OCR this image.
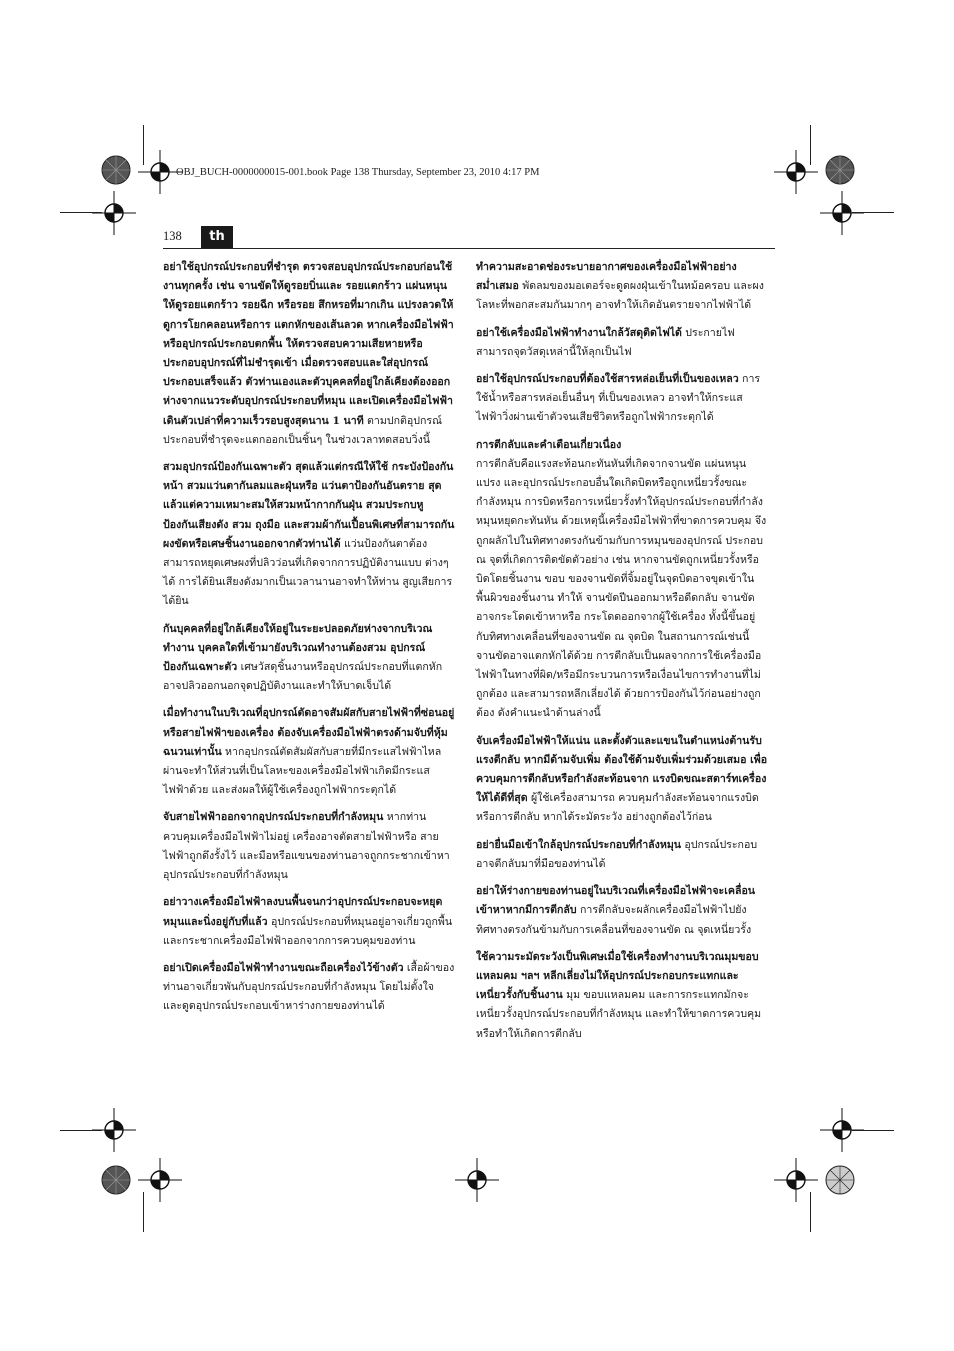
OBJ_BUCH-0000000015-001.book Page 138 Thursday, September 23, 2010 4:17 PM
138	th

อย่าใช้อุปกรณ์ประกอบที่ชำรุด ตรวจสอบอุปกรณ์ประกอบก่อนใช้งานทุกครั้ง เช่น จานขัดให้ดูรอยบิ่นและ รอยแตกร้าว แผ่นหนุนให้ดูรอยแตกร้าว รอยฉีก หรือรอย สึกหรอที่มากเกิน แปรงลวดให้ดูการโยกคลอนหรือการ แตกหักของเส้นลวด หากเครื่องมือไฟฟ้าหรืออุปกรณ์ประกอบตกพื้น ให้ตรวจสอบความเสียหายหรือประกอบอุปกรณ์ที่ไม่ชำรุดเข้า เมื่อตรวจสอบและใส่อุปกรณ์ประกอบเสร็จแล้ว ตัวท่านเองและตัวบุคคลที่อยู่ใกล้เคียงต้องออกห่างจากแนวระดับอุปกรณ์ประกอบที่หมุน และเปิดเครื่องมือไฟฟ้าเดินตัวเปล่าที่ความเร็วรอบสูงสุดนาน 1 นาที ตามปกติอุปกรณ์ประกอบที่ชำรุดจะแตกออกเป็นชิ้นๆ ในช่วงเวลาทดสอบวิ่งนี้

สวมอุปกรณ์ป้องกันเฉพาะตัว สุดแล้วแต่กรณีให้ใช้ กระบังป้องกันหน้า สวมแว่นตากันลมและฝุ่นหรือ แว่นตาป้องกันอันตราย สุดแล้วแต่ความเหมาะสมให้สวมหน้ากากกันฝุ่น สวมประกบหูป้องกันเสียงดัง สวม ถุงมือ และสวมผ้ากันเปื้อนพิเศษที่สามารถกันผงขัดหรือเศษชิ้นงานออกจากตัวท่านได้ แว่นป้องกันตาต้อง สามารถหยุดเศษผงที่ปลิวว่อนที่เกิดจากการปฏิบัติงานแบบ ต่างๆ ได้ การได้ยินเสียงดังมากเป็นเวลานานอาจทำให้ท่าน สูญเสียการได้ยิน

กันบุคคลที่อยู่ใกล้เคียงให้อยู่ในระยะปลอดภัยห่างจากบริเวณทำงาน บุคคลใดที่เข้ามายังบริเวณทำงานต้องสวม อุปกรณ์ป้องกันเฉพาะตัว เศษวัสดุชิ้นงานหรืออุปกรณ์ประกอบที่แตกหักอาจปลิวออกนอกจุดปฏิบัติงานและทำให้บาดเจ็บได้

เมื่อทำงานในบริเวณที่อุปกรณ์ตัดอาจสัมผัสกับสายไฟฟ้าที่ซ่อนอยู่หรือสายไฟฟ้าของเครื่อง ต้องจับเครื่องมือไฟฟ้าตรงด้ามจับที่หุ้มฉนวนเท่านั้น หากอุปกรณ์ตัดสัมผัสกับสายที่มีกระแสไฟฟ้าไหลผ่านจะทำให้ส่วนที่เป็นโลหะของเครื่องมือไฟฟ้าเกิดมีกระแสไฟฟ้าด้วย และส่งผลให้ผู้ใช้เครื่องถูกไฟฟ้ากระตุกได้

จับสายไฟฟ้าออกจากอุปกรณ์ประกอบที่กำลังหมุน หากท่านควบคุมเครื่องมือไฟฟ้าไม่อยู่ เครื่องอาจตัดสายไฟฟ้าหรือ สายไฟฟ้าถูกดึงรั้งไว้ และมือหรือแขนของท่านอาจถูกกระชากเข้าหาอุปกรณ์ประกอบที่กำลังหมุน

อย่าวางเครื่องมือไฟฟ้าลงบนพื้นจนกว่าอุปกรณ์ประกอบจะหยุดหมุนและนิ่งอยู่กับที่แล้ว อุปกรณ์ประกอบที่หมุนอยู่อาจเกี่ยวถูกพื้นและกระชากเครื่องมือไฟฟ้าออกจากการควบคุมของท่าน

อย่าเปิดเครื่องมือไฟฟ้าทำงานขณะถือเครื่องไว้ข้างตัว เสื้อผ้าของท่านอาจเกี่ยวพันกับอุปกรณ์ประกอบที่กำลังหมุน โดยไม่ตั้งใจ และดูดอุปกรณ์ประกอบเข้าหาร่างกายของท่านได้

ทำความสะอาดช่องระบายอากาศของเครื่องมือไฟฟ้าอย่างสม่ำเสมอ พัดลมของมอเตอร์จะดูดผงฝุ่นเข้าในหม้อครอบ และผงโลหะที่พอกสะสมกันมากๆ อาจทำให้เกิดอันตรายจากไฟฟ้าได้

อย่าใช้เครื่องมือไฟฟ้าทำงานใกล้วัสดุติดไฟได้ ประกายไฟสามารถจุดวัสดุเหล่านี้ให้ลุกเป็นไฟ

อย่าใช้อุปกรณ์ประกอบที่ต้องใช้สารหล่อเย็นที่เป็นของเหลว การใช้น้ำหรือสารหล่อเย็นอื่นๆ ที่เป็นของเหลว อาจทำให้กระแสไฟฟ้าวิ่งผ่านเข้าตัวจนเสียชีวิตหรือถูกไฟฟ้ากระตุกได้

การตีกลับและคำเตือนเกี่ยวเนื่อง

การตีกลับคือแรงสะท้อนกะทันหันที่เกิดจากจานขัด แผ่นหนุน แปรง และอุปกรณ์ประกอบอื่นใดเกิดบิดหรือถูกเหนี่ยวรั้งขณะกำลังหมุน การบิดหรือการเหนี่ยวรั้งทำให้อุปกรณ์ประกอบที่กำลัง หมุนหยุดกะทันหัน ด้วยเหตุนี้เครื่องมือไฟฟ้าที่ขาดการควบคุม จึงถูกผลักไปในทิศทางตรงกันข้ามกับการหมุนของอุปกรณ์ ประกอบ ณ จุดที่เกิดการติดขัดตัวอย่าง เช่น หากจานขัดถูกเหนี่ยวรั้งหรือบิดโดยชิ้นงาน ขอบ ของจานขัดที่จิ้มอยู่ในจุดบิดอาจขุดเข้าในพื้นผิวของชิ้นงาน ทำให้ จานขัดปีนออกมาหรือดีดกลับ จานขัดอาจกระโดดเข้าหาหรือ กระโดดออกจากผู้ใช้เครื่อง ทั้งนี้ขึ้นอยู่กับทิศทางเคลื่อนที่ของจานขัด ณ จุดบิด ในสถานการณ์เช่นนี้จานขัดอาจแตกหักได้ด้วย การตีกลับเป็นผลจากการใช้เครื่องมือไฟฟ้าในทางที่ผิด/หรือมีกระบวนการหรือเงื่อนไขการทำงานที่ไม่ถูกต้อง และสามารถหลีกเลี่ยงได้ ด้วยการป้องกันไว้ก่อนอย่างถูกต้อง ดังคำแนะนำด้านล่างนี้

จับเครื่องมือไฟฟ้าให้แน่น และตั้งตัวและแขนในตำแหน่งต้านรับแรงตีกลับ หากมีด้ามจับเพิ่ม ต้องใช้ด้ามจับเพิ่มร่วมด้วยเสมอ เพื่อควบคุมการตีกลับหรือกำลังสะท้อนจาก แรงบิดขณะสตาร์ทเครื่องให้ได้ดีที่สุด ผู้ใช้เครื่องสามารถ ควบคุมกำลังสะท้อนจากแรงบิดหรือการตีกลับ หากได้ระมัดระวัง อย่างถูกต้องไว้ก่อน

อย่ายื่นมือเข้าใกล้อุปกรณ์ประกอบที่กำลังหมุน อุปกรณ์ประกอบอาจตีกลับมาที่มือของท่านได้

อย่าให้ร่างกายของท่านอยู่ในบริเวณที่เครื่องมือไฟฟ้าจะเคลื่อนเข้าหาหากมีการตีกลับ การตีกลับจะผลักเครื่องมือไฟฟ้าไปยังทิศทางตรงกันข้ามกับการเคลื่อนที่ของจานขัด ณ จุดเหนี่ยวรั้ง

ใช้ความระมัดระวังเป็นพิเศษเมื่อใช้เครื่องทำงานบริเวณมุมขอบแหลมคม ฯลฯ หลีกเลี่ยงไม่ให้อุปกรณ์ประกอบกระแทกและเหนี่ยวรั้งกับชิ้นงาน มุม ขอบแหลมคม และการกระแทกมักจะเหนี่ยวรั้งอุปกรณ์ประกอบที่กำลังหมุน และทำให้ขาดการควบคุมหรือทำให้เกิดการตีกลับ
